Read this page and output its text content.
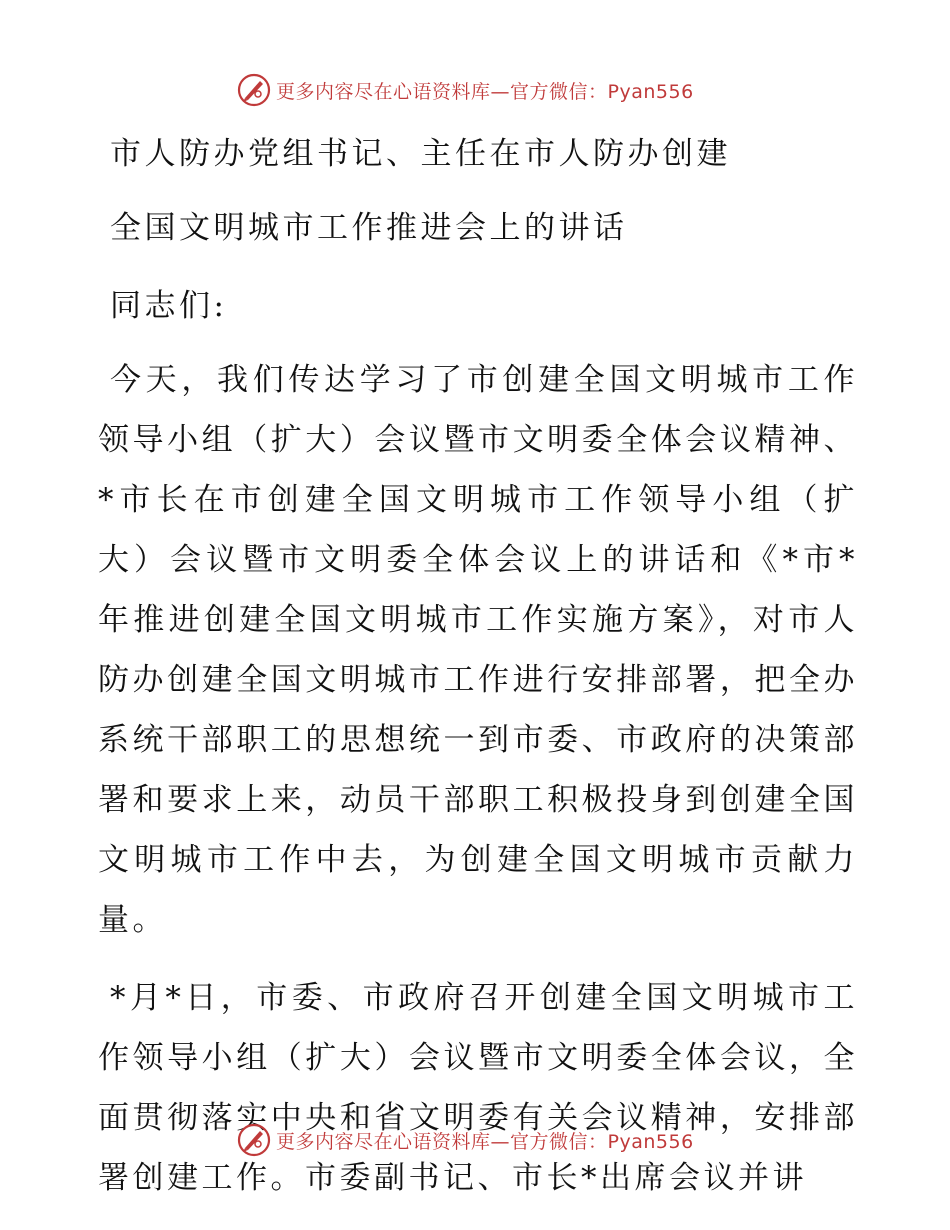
更多内容尽在心语资料库—官方微信：Pyan556
市人防办党组书记、主任在市人防办创建
全国文明城市工作推进会上的讲话

同志们:

今天，我们传达学习了市创建全国文明城市工作领导小组（扩大）会议暨市文明委全体会议精神、*市长在市创建全国文明城市工作领导小组（扩大）会议暨市文明委全体会议上的讲话和《*市*年推进创建全国文明城市工作实施方案》，对市人防办创建全国文明城市工作进行安排部署，把全办系统干部职工的思想统一到市委、市政府的决策部署和要求上来，动员干部职工积极投身到创建全国文明城市工作中去，为创建全国文明城市贡献力量。

*月*日，市委、市政府召开创建全国文明城市工作领导小组（扩大）会议暨市文明委全体会议，全面贯彻落实中央和省文明委有关会议精神，安排部署创建工作。市委副书记、市长*出席会议并讲

更多内容尽在心语资料库—官方微信：Pyan556
